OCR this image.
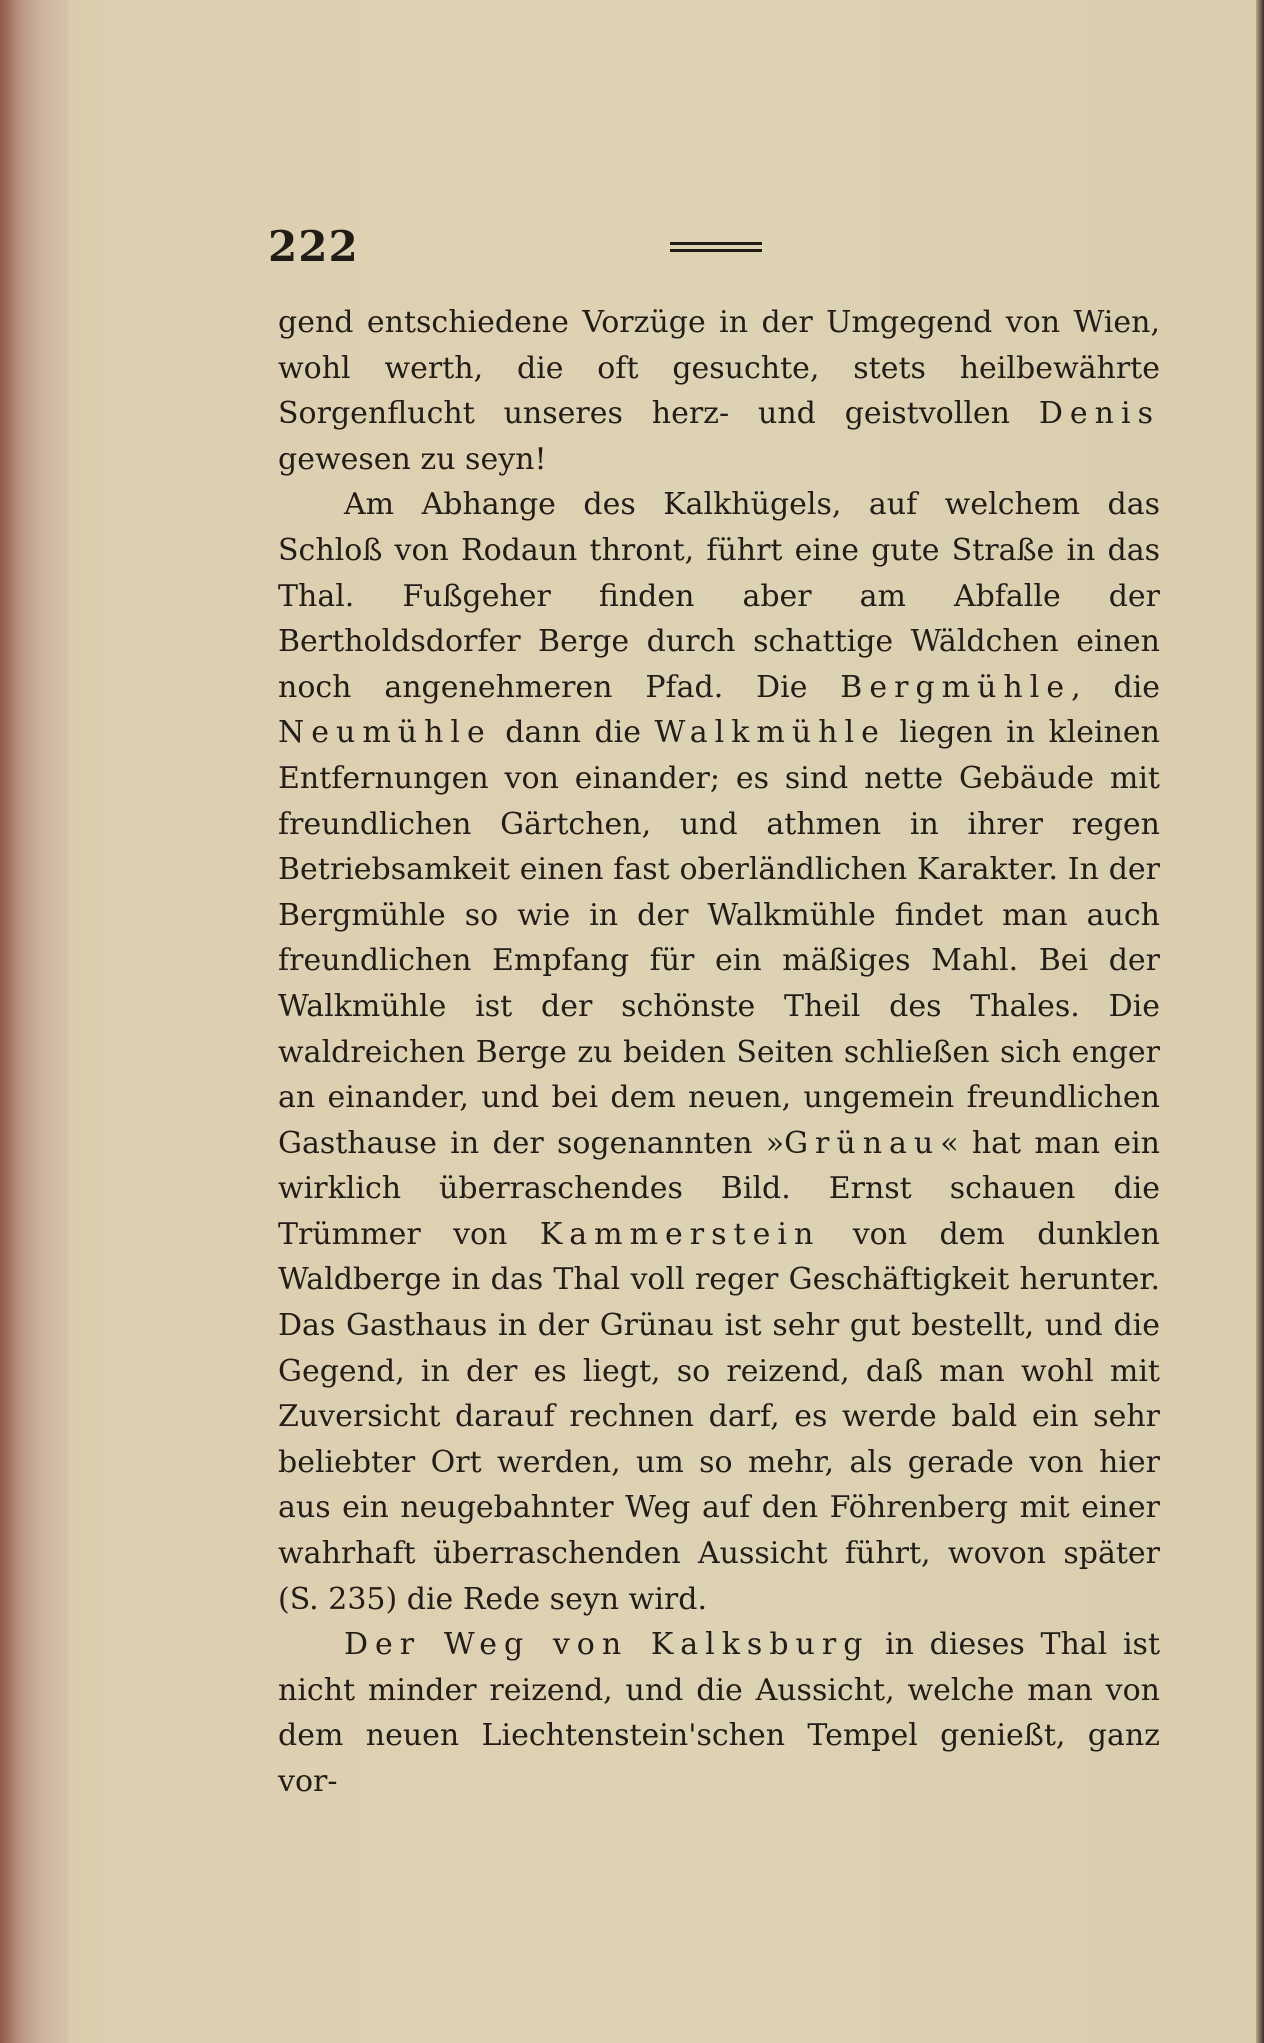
222

gend entschiedene Vorzüge in der Umgegend von Wien, wohl werth, die oft gesuchte, stets heilbewährte Sorgenflucht unseres herz- und geistvollen Denis gewesen zu seyn!

Am Abhange des Kalkhügels, auf welchem das Schloß von Rodaun thront, führt eine gute Straße in das Thal. Fußgeher finden aber am Abfalle der Bertholdsdorfer Berge durch schattige Wäldchen einen noch angenehmeren Pfad. Die Bergmühle, die Neumühle dann die Walkmühle liegen in kleinen Entfernungen von einander; es sind nette Gebäude mit freundlichen Gärtchen, und athmen in ihrer regen Betriebsamkeit einen fast oberländlichen Karakter. In der Bergmühle so wie in der Walkmühle findet man auch freundlichen Empfang für ein mäßiges Mahl. Bei der Walkmühle ist der schönste Theil des Thales. Die waldreichen Berge zu beiden Seiten schließen sich enger an einander, und bei dem neuen, ungemein freundlichen Gasthause in der sogenannten »Grünau« hat man ein wirklich überraschendes Bild. Ernst schauen die Trümmer von Kammerstein von dem dunklen Waldberge in das Thal voll reger Geschäftigkeit herunter. Das Gasthaus in der Grünau ist sehr gut bestellt, und die Gegend, in der es liegt, so reizend, daß man wohl mit Zuversicht darauf rechnen darf, es werde bald ein sehr beliebter Ort werden, um so mehr, als gerade von hier aus ein neugebahnter Weg auf den Föhrenberg mit einer wahrhaft überraschenden Aussicht führt, wovon später (S. 235) die Rede seyn wird.

Der Weg von Kalksburg in dieses Thal ist nicht minder reizend, und die Aussicht, welche man von dem neuen Liechtenstein'schen Tempel genießt, ganz vor-
